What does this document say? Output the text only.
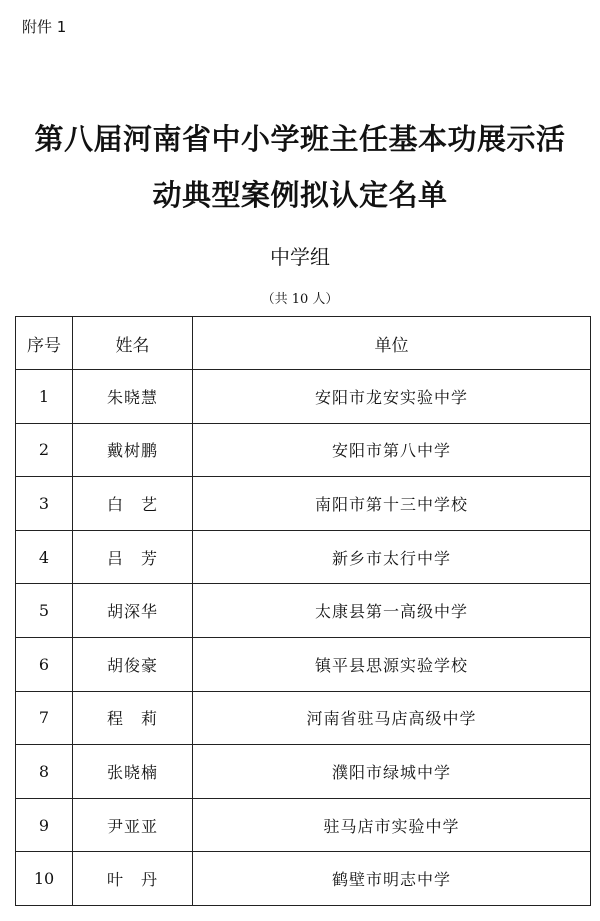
附件 1
第八届河南省中小学班主任基本功展示活
动典型案例拟认定名单
中学组
（共 10 人）
序号	姓名	单位
1	朱晓慧	安阳市龙安实验中学
2	戴树鹏	安阳市第八中学
3	白　艺	南阳市第十三中学校
4	吕　芳	新乡市太行中学
5	胡深华	太康县第一高级中学
6	胡俊豪	镇平县思源实验学校
7	程　莉	河南省驻马店高级中学
8	张晓楠	濮阳市绿城中学
9	尹亚亚	驻马店市实验中学
10	叶　丹	鹤壁市明志中学
